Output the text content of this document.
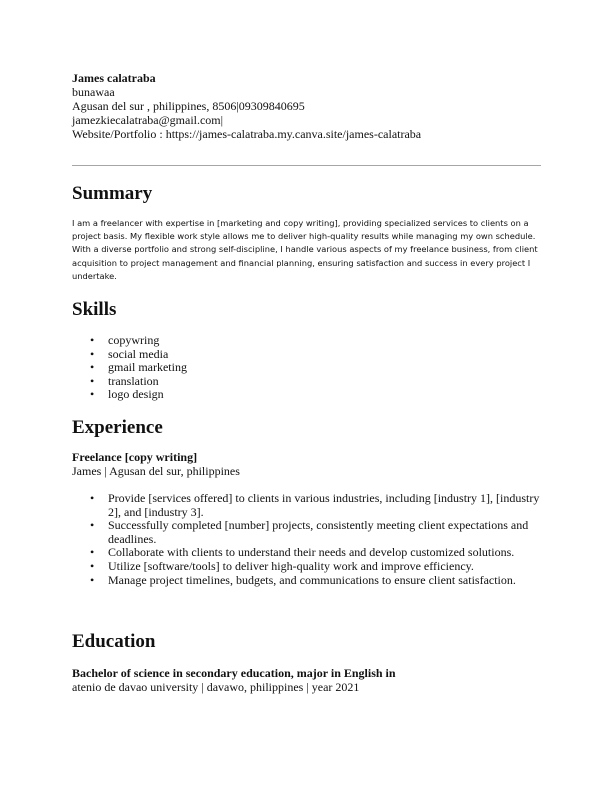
James calatraba
bunawaa
Agusan del sur , philippines, 8506|09309840695
jamezkiecalatraba@gmail.com|
Website/Portfolio : https://james-calatraba.my.canva.site/james-calatraba
Summary
I am a freelancer with expertise in [marketing and copy writing], providing specialized services to clients on a project basis. My flexible work style allows me to deliver high-quality results while managing my own schedule. With a diverse portfolio and strong self-discipline, I handle various aspects of my freelance business, from client acquisition to project management and financial planning, ensuring satisfaction and success in every project I undertake.
Skills
• copywring
• social media
• gmail marketing
• translation
• logo design
Experience
Freelance [copy writing]
James | Agusan del sur, philippines
• Provide [services offered] to clients in various industries, including [industry 1], [industry 2], and [industry 3].
• Successfully completed [number] projects, consistently meeting client expectations and deadlines.
• Collaborate with clients to understand their needs and develop customized solutions.
• Utilize [software/tools] to deliver high-quality work and improve efficiency.
• Manage project timelines, budgets, and communications to ensure client satisfaction.
Education
Bachelor of science in secondary education, major in English in
atenio de davao university | davawo, philippines | year 2021
